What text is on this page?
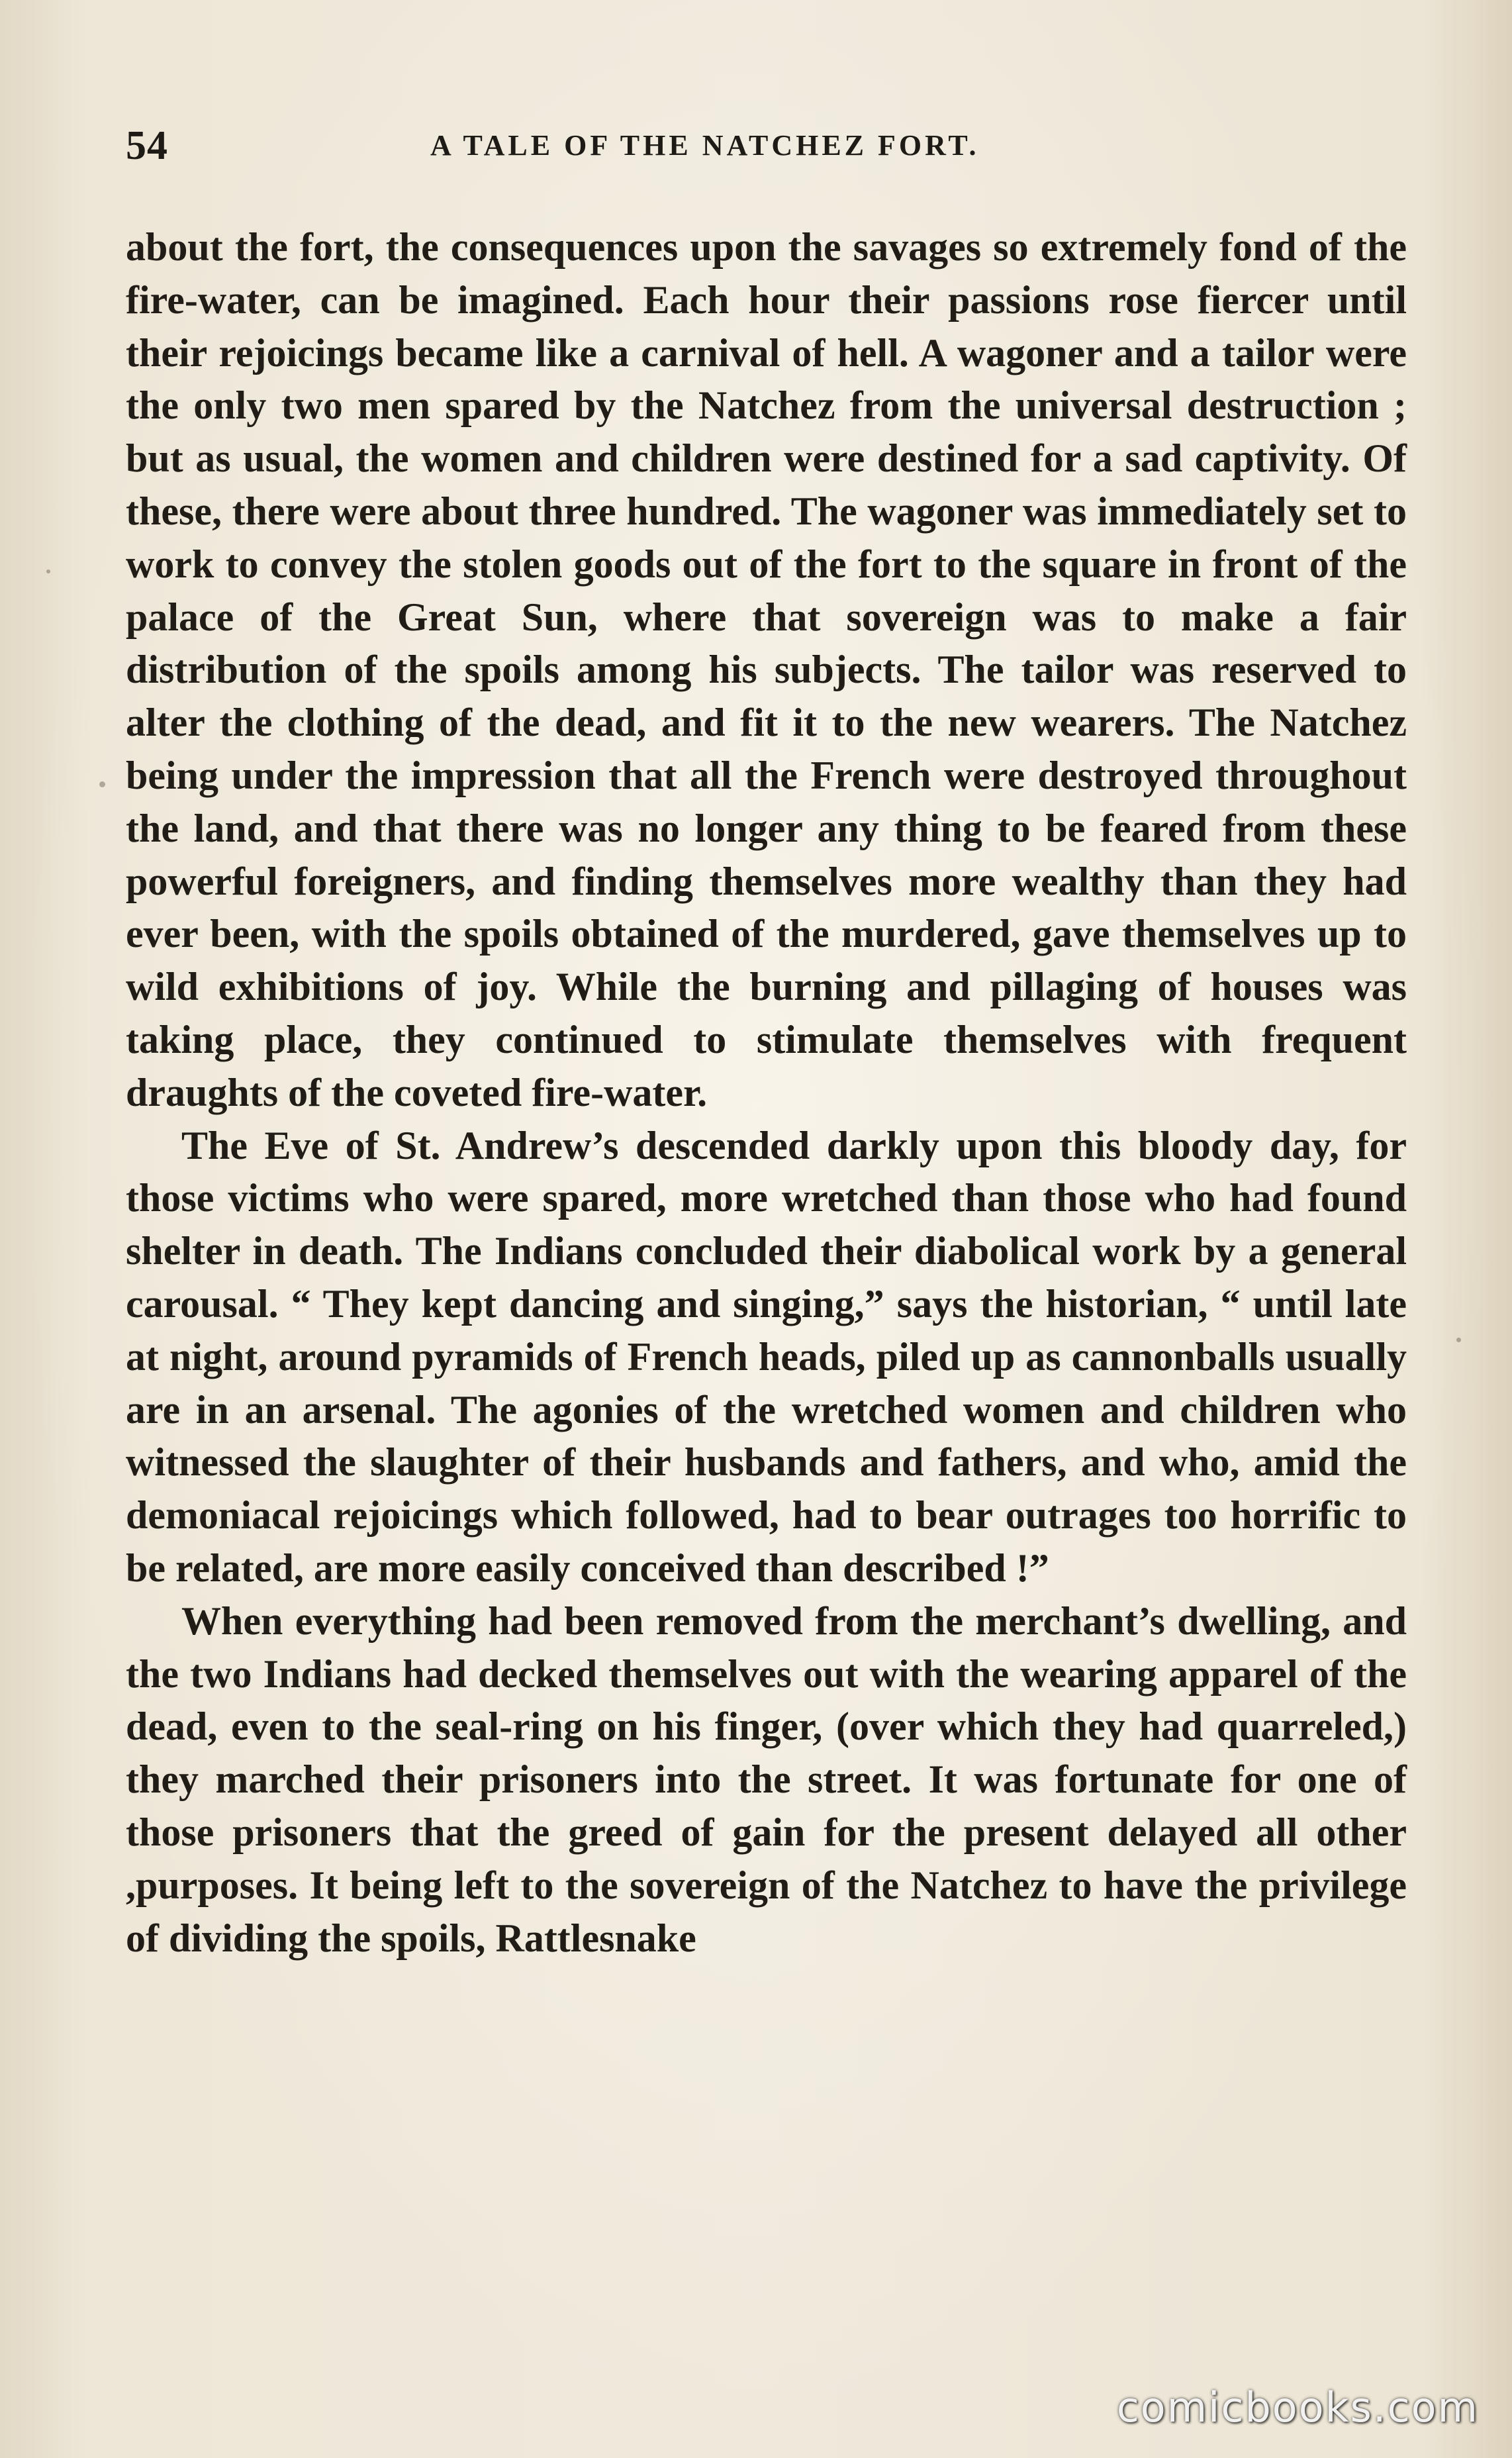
54	A TALE OF THE NATCHEZ FORT.

about the fort, the consequences upon the savages so extremely fond of the fire-water, can be imagined. Each hour their passions rose fiercer until their rejoicings became like a carnival of hell. A wagoner and a tailor were the only two men spared by the Natchez from the universal destruction ; but as usual, the women and children were destined for a sad captivity. Of these, there were about three hundred. The wagoner was immediately set to work to convey the stolen goods out of the fort to the square in front of the palace of the Great Sun, where that sovereign was to make a fair distribution of the spoils among his subjects. The tailor was reserved to alter the clothing of the dead, and fit it to the new wearers. The Natchez being under the impression that all the French were destroyed throughout the land, and that there was no longer any thing to be feared from these powerful foreigners, and finding themselves more wealthy than they had ever been, with the spoils obtained of the murdered, gave themselves up to wild exhibitions of joy. While the burning and pillaging of houses was taking place, they continued to stimulate themselves with frequent draughts of the coveted fire-water.

The Eve of St. Andrew’s descended darkly upon this bloody day, for those victims who were spared, more wretched than those who had found shelter in death. The Indians concluded their diabolical work by a general carousal. “ They kept dancing and singing,” says the historian, “ until late at night, around pyramids of French heads, piled up as cannonballs usually are in an arsenal. The agonies of the wretched women and children who witnessed the slaughter of their husbands and fathers, and who, amid the demoniacal rejoicings which followed, had to bear outrages too horrific to be related, are more easily conceived than described !”

When everything had been removed from the merchant’s dwelling, and the two Indians had decked themselves out with the wearing apparel of the dead, even to the seal-ring on his finger, (over which they had quarreled,) they marched their prisoners into the street. It was fortunate for one of those prisoners that the greed of gain for the present delayed all other ,purposes. It being left to the sovereign of the Natchez to have the privilege of dividing the spoils, Rattlesnake

comicbooks.com
